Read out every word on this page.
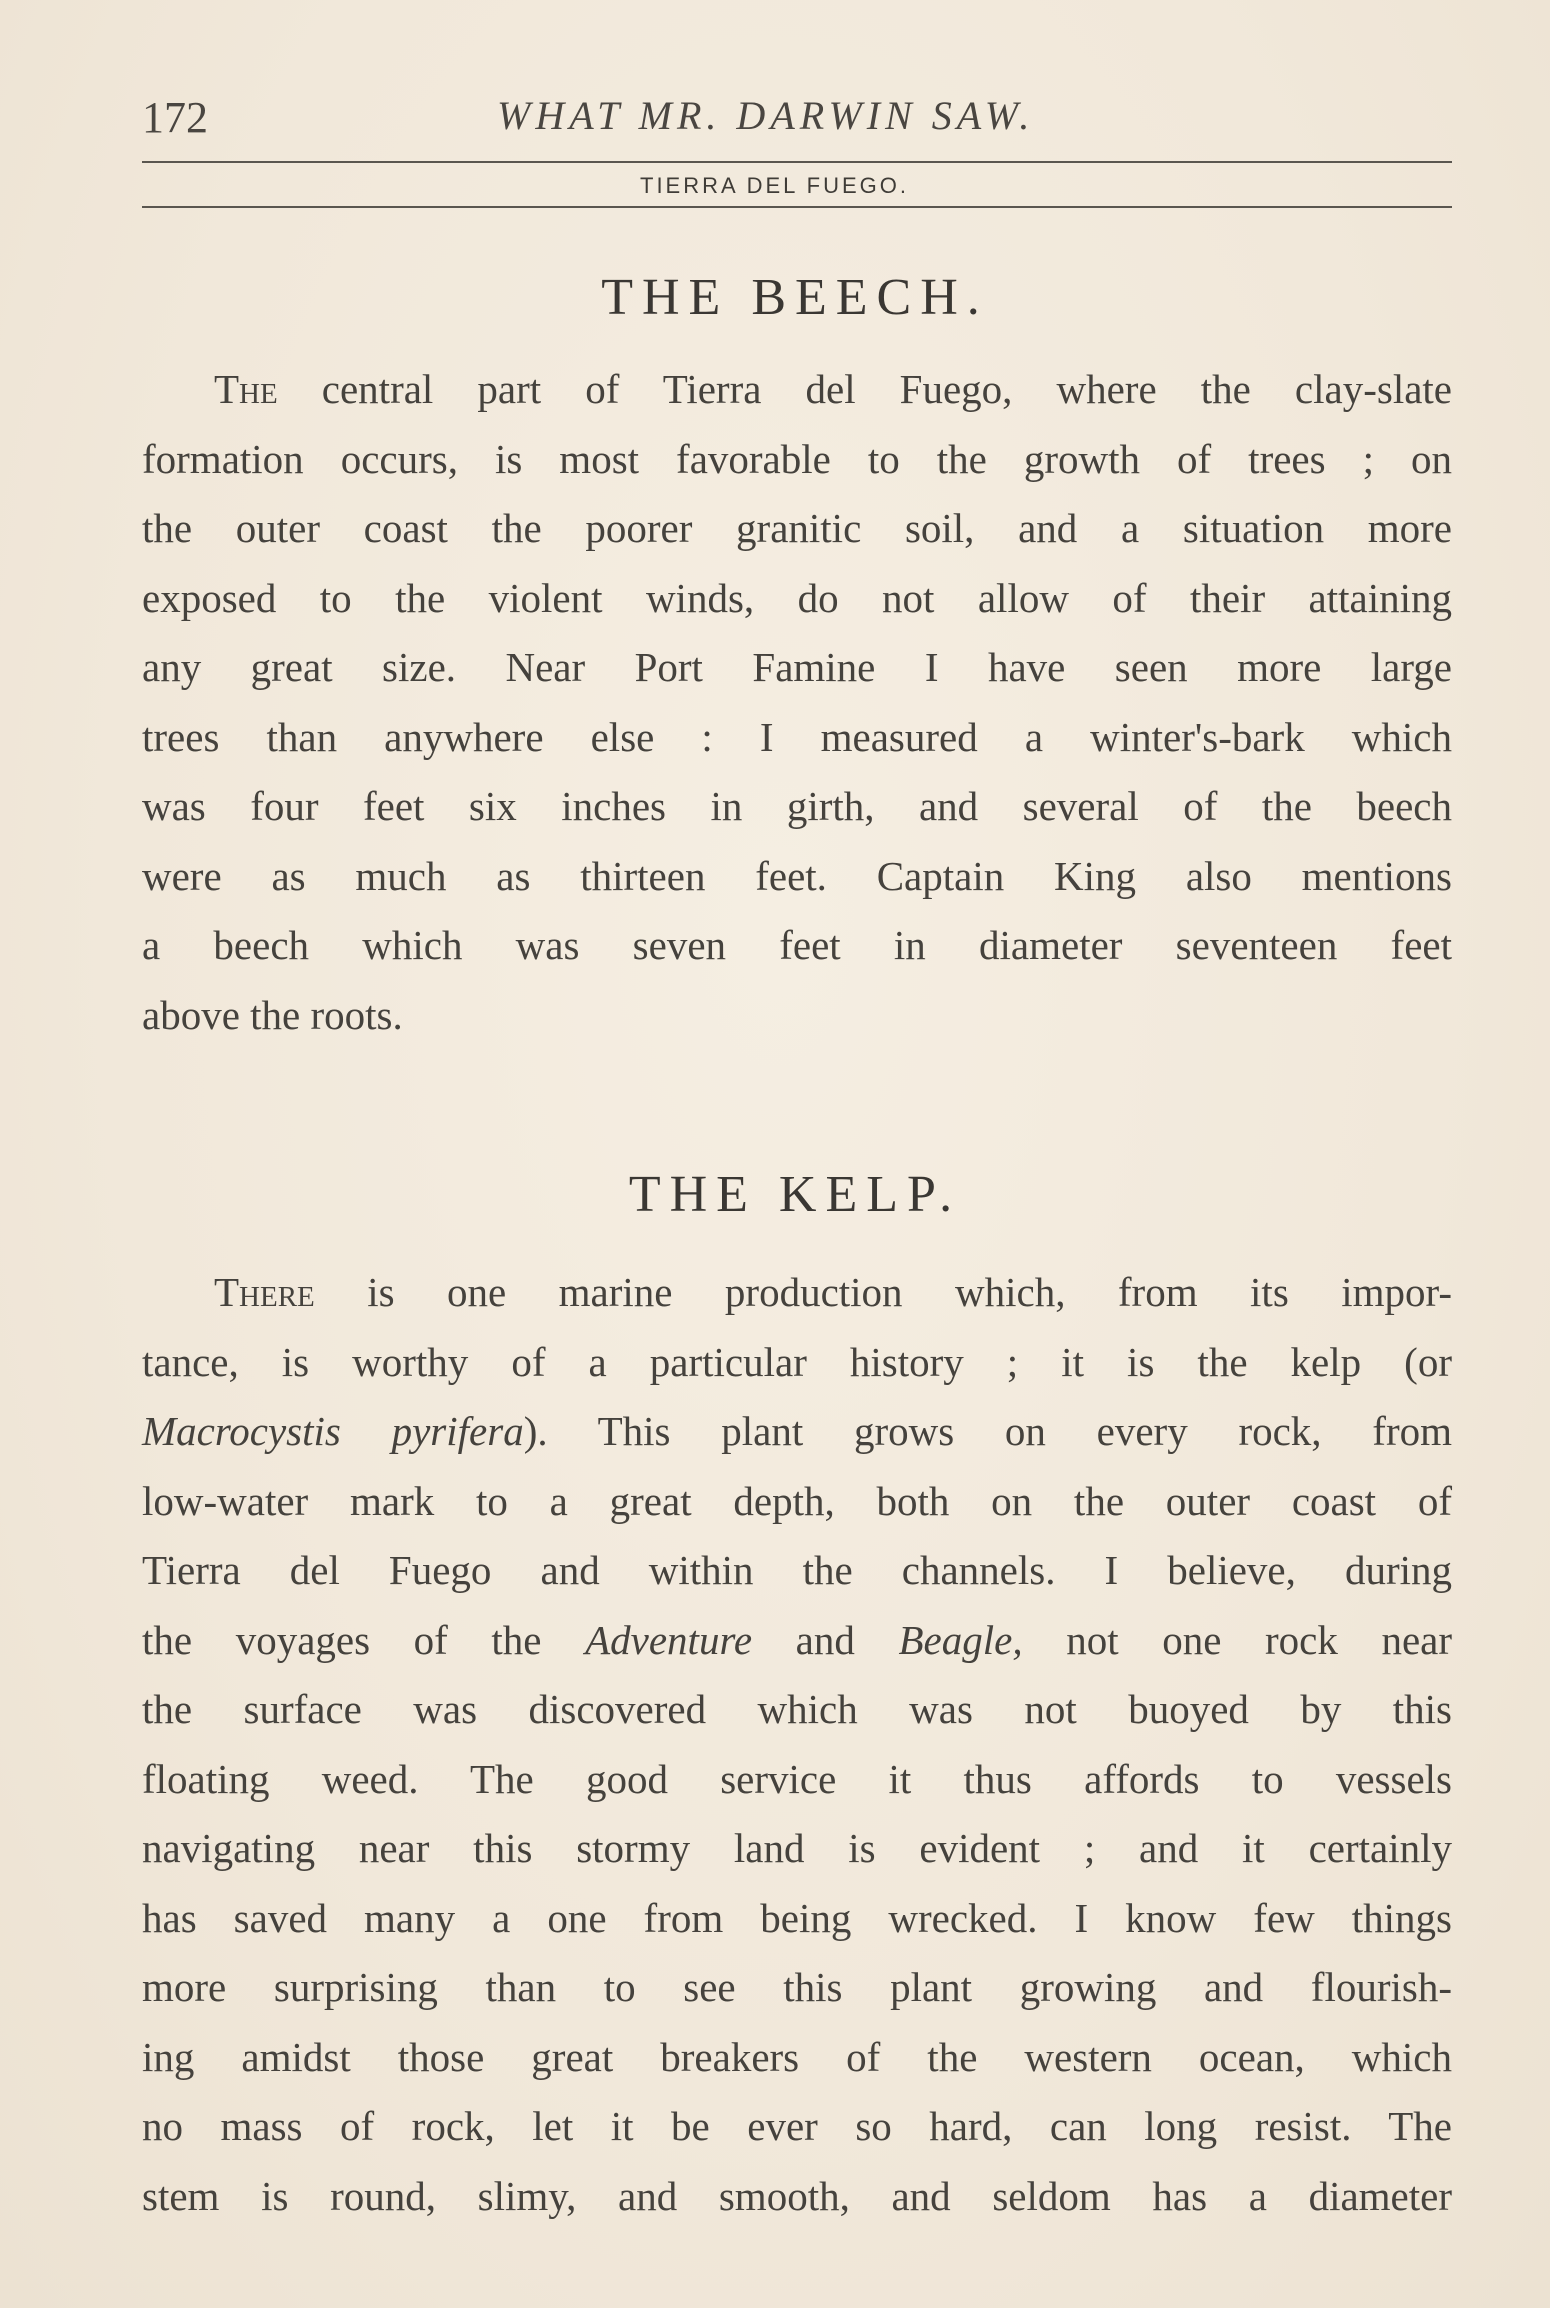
172	WHAT MR. DARWIN SAW.
TIERRA DEL FUEGO.
THE BEECH.
The central part of Tierra del Fuego, where the clay-slate
formation occurs, is most favorable to the growth of trees ; on
the outer coast the poorer granitic soil, and a situation more
exposed to the violent winds, do not allow of their attaining
any great size. Near Port Famine I have seen more large
trees than anywhere else : I measured a winter's-bark which
was four feet six inches in girth, and several of the beech
were as much as thirteen feet. Captain King also mentions
a beech which was seven feet in diameter seventeen feet
above the roots.
THE KELP.
There is one marine production which, from its impor-
tance, is worthy of a particular history ; it is the kelp (or
Macrocystis pyrifera). This plant grows on every rock, from
low-water mark to a great depth, both on the outer coast of
Tierra del Fuego and within the channels. I believe, during
the voyages of the Adventure and Beagle, not one rock near
the surface was discovered which was not buoyed by this
floating weed. The good service it thus affords to vessels
navigating near this stormy land is evident ; and it certainly
has saved many a one from being wrecked. I know few things
more surprising than to see this plant growing and flourish-
ing amidst those great breakers of the western ocean, which
no mass of rock, let it be ever so hard, can long resist. The
stem is round, slimy, and smooth, and seldom has a diameter
